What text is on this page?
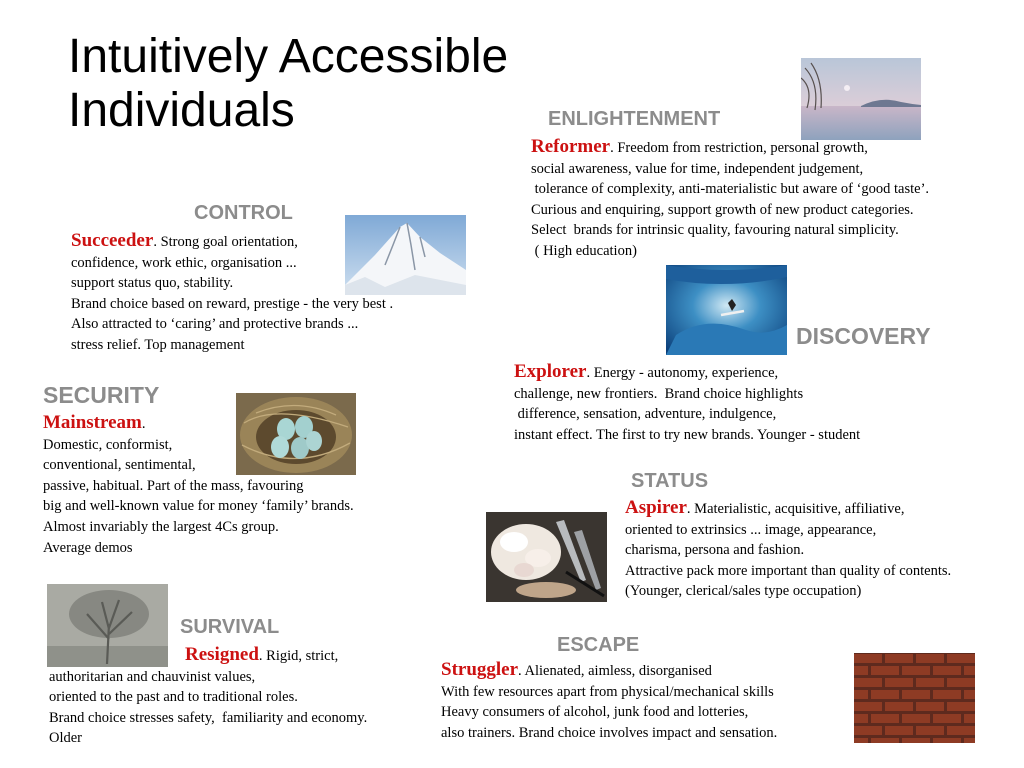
Intuitively Accessible
Individuals	ENLIGHTENMENT
Reformer. Freedom from restriction, personal growth,
social awareness, value for time, independent judgement,
tolerance of complexity, anti-materialistic but aware of ‘good taste’.
Curious and enquiring, support growth of new product categories.
Select  brands for intrinsic quality, favouring natural simplicity.
( High education)
CONTROL
Succeeder. Strong goal orientation,
confidence, work ethic, organisation ...
support status quo, stability.
Brand choice based on reward, prestige - the very best .
Also attracted to ‘caring’ and protective brands ...
stress relief. Top management	DISCOVERY
Explorer. Energy - autonomy, experience,
challenge, new frontiers.  Brand choice highlights
difference, sensation, adventure, indulgence,
instant effect. The first to try new brands. Younger - student
SECURITY
Mainstream.
Domestic, conformist,
conventional, sentimental,
passive, habitual. Part of the mass, favouring
big and well-known value for money ‘family’ brands.
Almost invariably the largest 4Cs group.
Average demos
STATUS
Aspirer. Materialistic, acquisitive, affiliative,
oriented to extrinsics ... image, appearance,
charisma, persona and fashion.
Attractive pack more important than quality of contents.
(Younger, clerical/sales type occupation)
SURVIVAL
Resigned. Rigid, strict,
authoritarian and chauvinist values,
oriented to the past and to traditional roles.
Brand choice stresses safety,  familiarity and economy.
Older
ESCAPE
Struggler. Alienated, aimless, disorganised
With few resources apart from physical/mechanical skills
Heavy consumers of alcohol, junk food and lotteries,
also trainers. Brand choice involves impact and sensation.
